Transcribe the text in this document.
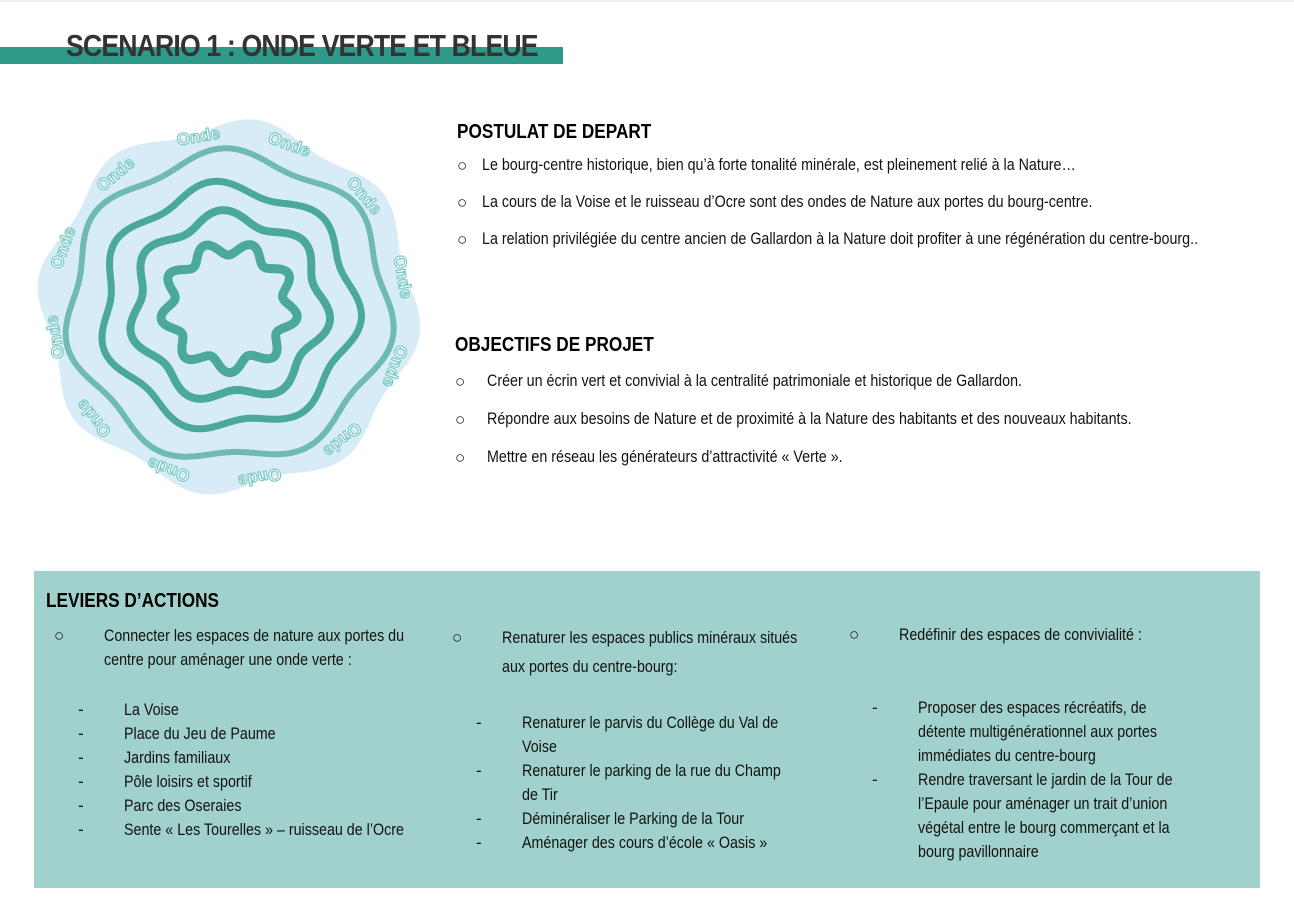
SCENARIO 1 : ONDE VERTE ET BLEUE
Onde	Onde
Onde
Onde
Onde
Onde
Onde
Onde
Onde
Onde
Onde
Onde
POSTULAT DE DEPART
○ Le bourg-centre historique, bien qu’à forte tonalité minérale, est pleinement relié à la Nature…
○ La cours de la Voise et le ruisseau d’Ocre sont des ondes de Nature aux portes du bourg-centre.
○ La relation privilégiée du centre ancien de Gallardon à la Nature doit profiter à une régénération du centre-bourg..
OBJECTIFS DE PROJET
○ Créer un écrin vert et convivial à la centralité patrimoniale et historique de Gallardon.
○ Répondre aux besoins de Nature et de proximité à la Nature des habitants et des nouveaux habitants.
○ Mettre en réseau les générateurs d’attractivité « Verte ».
LEVIERS D’ACTIONS
○ Connecter les espaces de nature aux portes du
centre pour aménager une onde verte :
- La Voise
- Place du Jeu de Paume
- Jardins familiaux
- Pôle loisirs et sportif
- Parc des Oseraies
- Sente « Les Tourelles » – ruisseau de l’Ocre
○ Renaturer les espaces publics minéraux situés
aux portes du centre-bourg:
- Renaturer le parvis du Collège du Val de
Voise
- Renaturer le parking de la rue du Champ
de Tir
- Déminéraliser le Parking de la Tour
- Aménager des cours d’école « Oasis »
○ Redéfinir des espaces de convivialité :
- Proposer des espaces récréatifs, de
détente multigénérationnel aux portes
immédiates du centre-bourg
- Rendre traversant le jardin de la Tour de
l’Epaule pour aménager un trait d’union
végétal entre le bourg commerçant et la
bourg pavillonnaire
